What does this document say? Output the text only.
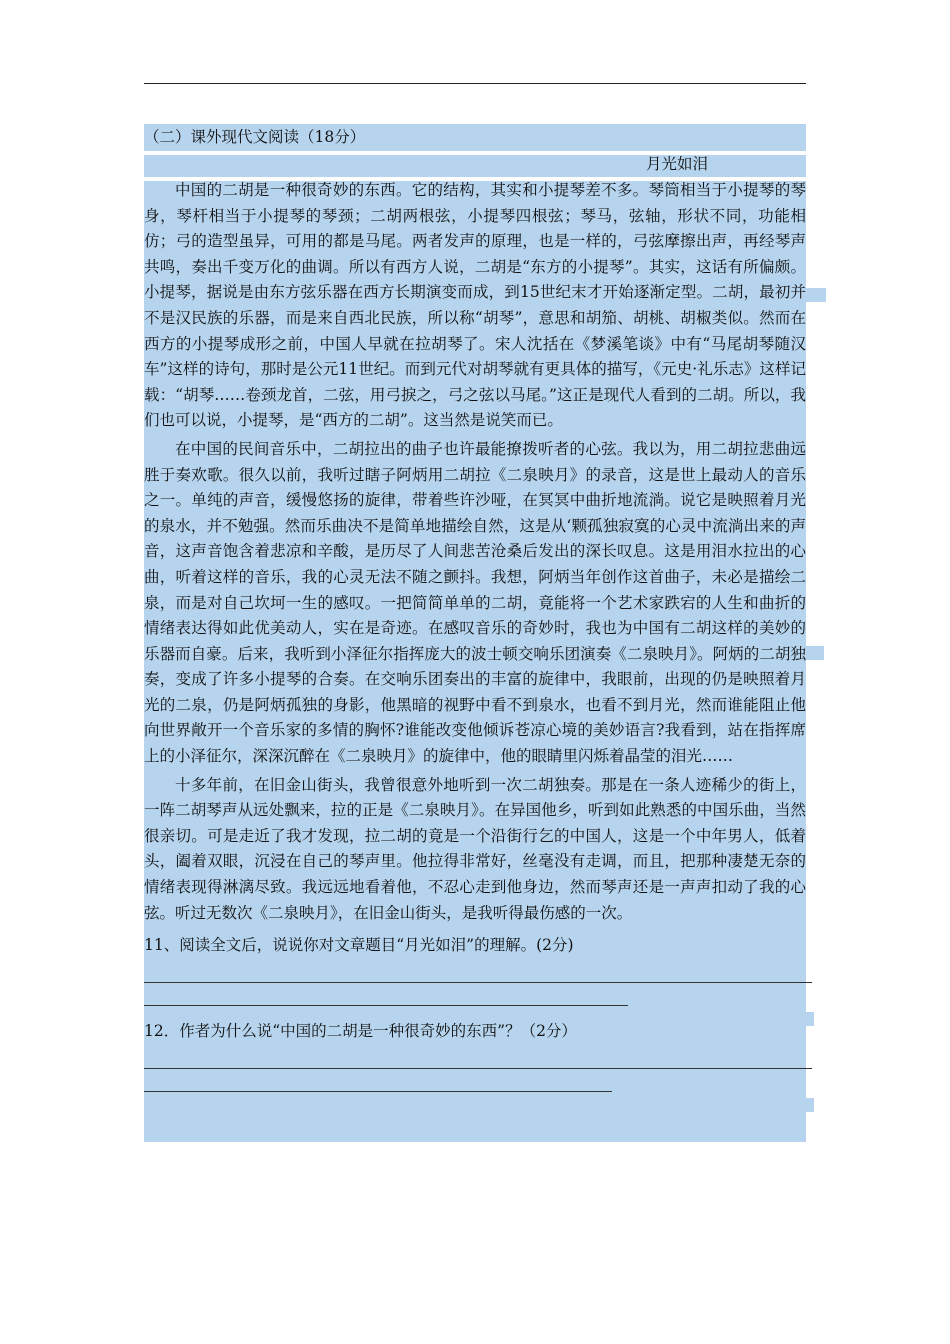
（二）课外现代文阅读（18分）
月光如泪

中国的二胡是一种很奇妙的东西。它的结构，其实和小提琴差不多。琴筒相当于小提琴的琴身，琴杆相当于小提琴的琴颈；二胡两根弦，小提琴四根弦；琴马，弦轴，形状不同，功能相仿；弓的造型虽异，可用的都是马尾。两者发声的原理，也是一样的，弓弦摩擦出声，再经琴声共鸣，奏出千变万化的曲调。所以有西方人说，二胡是“东方的小提琴”。其实，这话有所偏颇。小提琴，据说是由东方弦乐器在西方长期演变而成，到15世纪末才开始逐渐定型。二胡，最初并不是汉民族的乐器，而是来自西北民族，所以称“胡琴”，意思和胡笳、胡桃、胡椒类似。然而在西方的小提琴成形之前，中国人早就在拉胡琴了。宋人沈括在《梦溪笔谈》中有“马尾胡琴随汉车”这样的诗句，那时是公元11世纪。而到元代对胡琴就有更具体的描写，《元史·礼乐志》这样记载：“胡琴……卷颈龙首，二弦，用弓捩之，弓之弦以马尾。”这正是现代人看到的二胡。所以，我们也可以说，小提琴，是“西方的二胡”。这当然是说笑而已。

在中国的民间音乐中，二胡拉出的曲子也许最能撩拨听者的心弦。我以为，用二胡拉悲曲远胜于奏欢歌。很久以前，我听过瞎子阿炳用二胡拉《二泉映月》的录音，这是世上最动人的音乐之一。单纯的声音，缓慢悠扬的旋律，带着些许沙哑，在冥冥中曲折地流淌。说它是映照着月光的泉水，并不勉强。然而乐曲决不是简单地描绘自然，这是从‘颗孤独寂寞的心灵中流淌出来的声音，这声音饱含着悲凉和辛酸，是历尽了人间悲苦沧桑后发出的深长叹息。这是用泪水拉出的心曲，听着这样的音乐，我的心灵无法不随之颤抖。我想，阿炳当年创作这首曲子，未必是描绘二泉，而是对自己坎坷一生的感叹。一把简简单单的二胡，竟能将一个艺术家跌宕的人生和曲折的情绪表达得如此优美动人，实在是奇迹。在感叹音乐的奇妙时，我也为中国有二胡这样的美妙的乐器而自豪。后来，我听到小泽征尔指挥庞大的波士顿交响乐团演奏《二泉映月》。阿炳的二胡独奏，变成了许多小提琴的合奏。在交响乐团奏出的丰富的旋律中，我眼前，出现的仍是映照着月光的二泉，仍是阿炳孤独的身影，他黑暗的视野中看不到泉水，也看不到月光，然而谁能阻止他向世界敞开一个音乐家的多情的胸怀?谁能改变他倾诉苍凉心境的美妙语言?我看到，站在指挥席上的小泽征尔，深深沉醉在《二泉映月》的旋律中，他的眼睛里闪烁着晶莹的泪光……

十多年前，在旧金山街头，我曾很意外地听到一次二胡独奏。那是在一条人迹稀少的街上，一阵二胡琴声从远处飘来，拉的正是《二泉映月》。在异国他乡，听到如此熟悉的中国乐曲，当然很亲切。可是走近了我才发现，拉二胡的竟是一个沿街行乞的中国人，这是一个中年男人，低着头，阖着双眼，沉浸在自己的琴声里。他拉得非常好，丝毫没有走调，而且，把那种凄楚无奈的情绪表现得淋漓尽致。我远远地看着他，不忍心走到他身边，然而琴声还是一声声扣动了我的心弦。听过无数次《二泉映月》，在旧金山街头，是我听得最伤感的一次。

11、阅读全文后，说说你对文章题目“月光如泪”的理解。(2分)
12．作者为什么说“中国的二胡是一种很奇妙的东西”？（2分）
